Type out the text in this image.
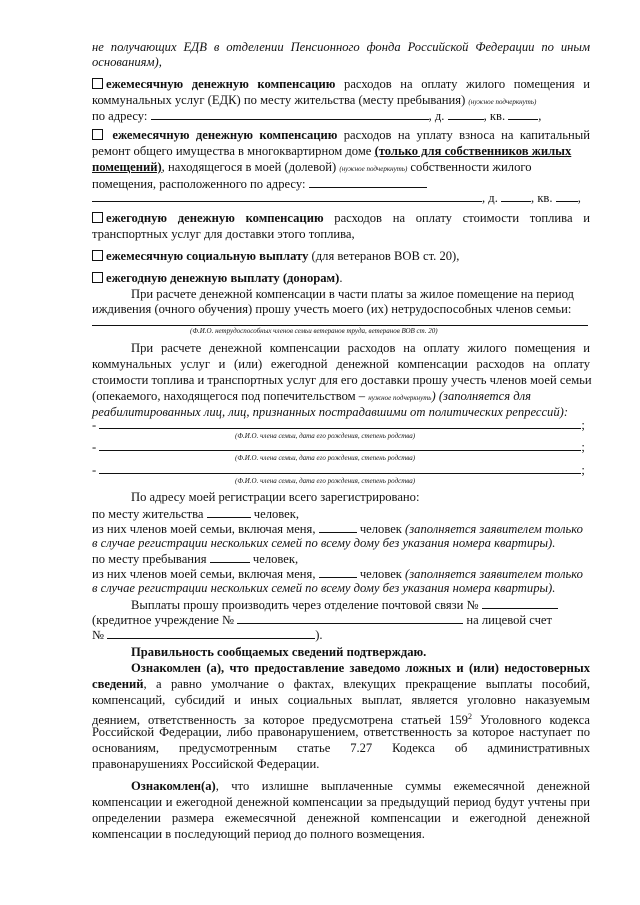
не получающих ЕДВ в отделении Пенсионного фонда Российской Федерации по иным
основаниям),
ежемесячную денежную компенсацию расходов на оплату жилого помещения и
коммунальных услуг (ЕДК) по месту жительства (месту пребывания) (нужное подчеркнуть)
по адресу:	, д.	, кв.	,
ежемесячную денежную компенсацию расходов на уплату взноса на капитальный
ремонт общего имущества в многоквартирном доме (только для собственников жилых
помещений), находящегося в моей (долевой) (нужное подчеркнуть) собственности жилого
помещения, расположенного по адресу:
, д.	, кв. ,
ежегодную денежную компенсацию расходов на оплату стоимости топлива и
транспортных услуг для доставки этого топлива,
ежемесячную социальную выплату (для ветеранов ВОВ ст. 20),
ежегодную денежную выплату (донорам).
При расчете денежной компенсации в части платы за жилое помещение на период
иждивения (очного обучения) прошу учесть моего (их) нетрудоспособных членов семьи:
(Ф.И.О. нетрудоспособных членов семьи ветеранов труда, ветеранов ВОВ ст. 20)
При расчете денежной компенсации расходов на оплату жилого помещения и
коммунальных услуг и (или) ежегодной денежной компенсации расходов на оплату
стоимости топлива и транспортных услуг для его доставки прошу учесть членов моей семьи
(опекаемого, находящегося под попечительством – нужное подчеркнуть) (заполняется для
реабилитированных лиц, лиц, признанных пострадавшими от политических репрессий):
-	;
(Ф.И.О. члена семьи, дата его рождения, степень родства)
-	;
(Ф.И.О. члена семьи, дата его рождения, степень родства)
-	;
(Ф.И.О. члена семьи, дата его рождения, степень родства)
По адресу моей регистрации всего зарегистрировано:
по месту жительства	человек,
из них членов моей семьи, включая меня,	человек (заполняется заявителем только
в случае регистрации нескольких семей по всему дому без указания номера квартиры).
по месту пребывания	человек,
из них членов моей семьи, включая меня,	человек (заполняется заявителем только
в случае регистрации нескольких семей по всему дому без указания номера квартиры).
Выплаты прошу производить через отделение почтовой связи №
(кредитное учреждение №	на лицевой счет
№	).
Правильность сообщаемых сведений подтверждаю.
Ознакомлен (а), что предоставление заведомо ложных и (или) недостоверных
сведений, а равно умолчание о фактах, влекущих прекращение выплаты пособий,
компенсаций, субсидий и иных социальных выплат, является уголовно наказуемым
деянием, ответственность за которое предусмотрена статьей $159^2$ Уголовного кодекса
Российской Федерации, либо правонарушением, ответственность за которое наступает по
основаниям, предусмотренным статье 7.27 Кодекса об административных
правонарушениях Российской Федерации.
Ознакомлен(а), что излишне выплаченные суммы ежемесячной денежной
компенсации и ежегодной денежной компенсации за предыдущий период будут учтены при
определении размера ежемесячной денежной компенсации и ежегодной денежной
компенсации в последующий период до полного возмещения.
